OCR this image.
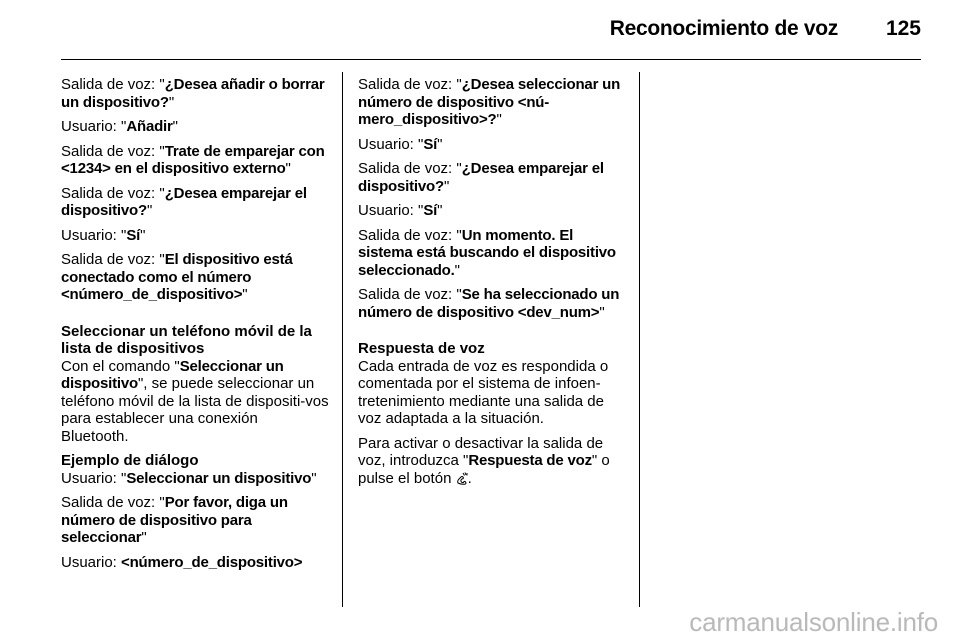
Reconocimiento de voz 125

Salida de voz: "¿Desea añadir o borrar un dispositivo?"

Usuario: "Añadir"

Salida de voz: "Trate de emparejar con <1234> en el dispositivo externo"

Salida de voz: "¿Desea emparejar el dispositivo?"

Usuario: "Sí"

Salida de voz: "El dispositivo está conectado como el número <número_de_dispositivo>"

Seleccionar un teléfono móvil de la lista de dispositivos

Con el comando "Seleccionar un dispositivo", se puede seleccionar un teléfono móvil de la lista de dispositi-vos para establecer una conexión Bluetooth.

Ejemplo de diálogo

Usuario: "Seleccionar un dispositivo"

Salida de voz: "Por favor, diga un número de dispositivo para seleccionar"

Usuario: <número_de_dispositivo>

Salida de voz: "¿Desea seleccionar un número de dispositivo <nú-mero_dispositivo>?"

Usuario: "Sí"

Salida de voz: "¿Desea emparejar el dispositivo?"

Usuario: "Sí"

Salida de voz: "Un momento. El sistema está buscando el dispositivo seleccionado."

Salida de voz: "Se ha seleccionado un número de dispositivo <dev_num>"

Respuesta de voz

Cada entrada de voz es respondida o comentada por el sistema de infoen-tretenimiento mediante una salida de voz adaptada a la situación.

Para activar o desactivar la salida de voz, introduzca "Respuesta de voz" o pulse el botón .

carmanualsonline.info
